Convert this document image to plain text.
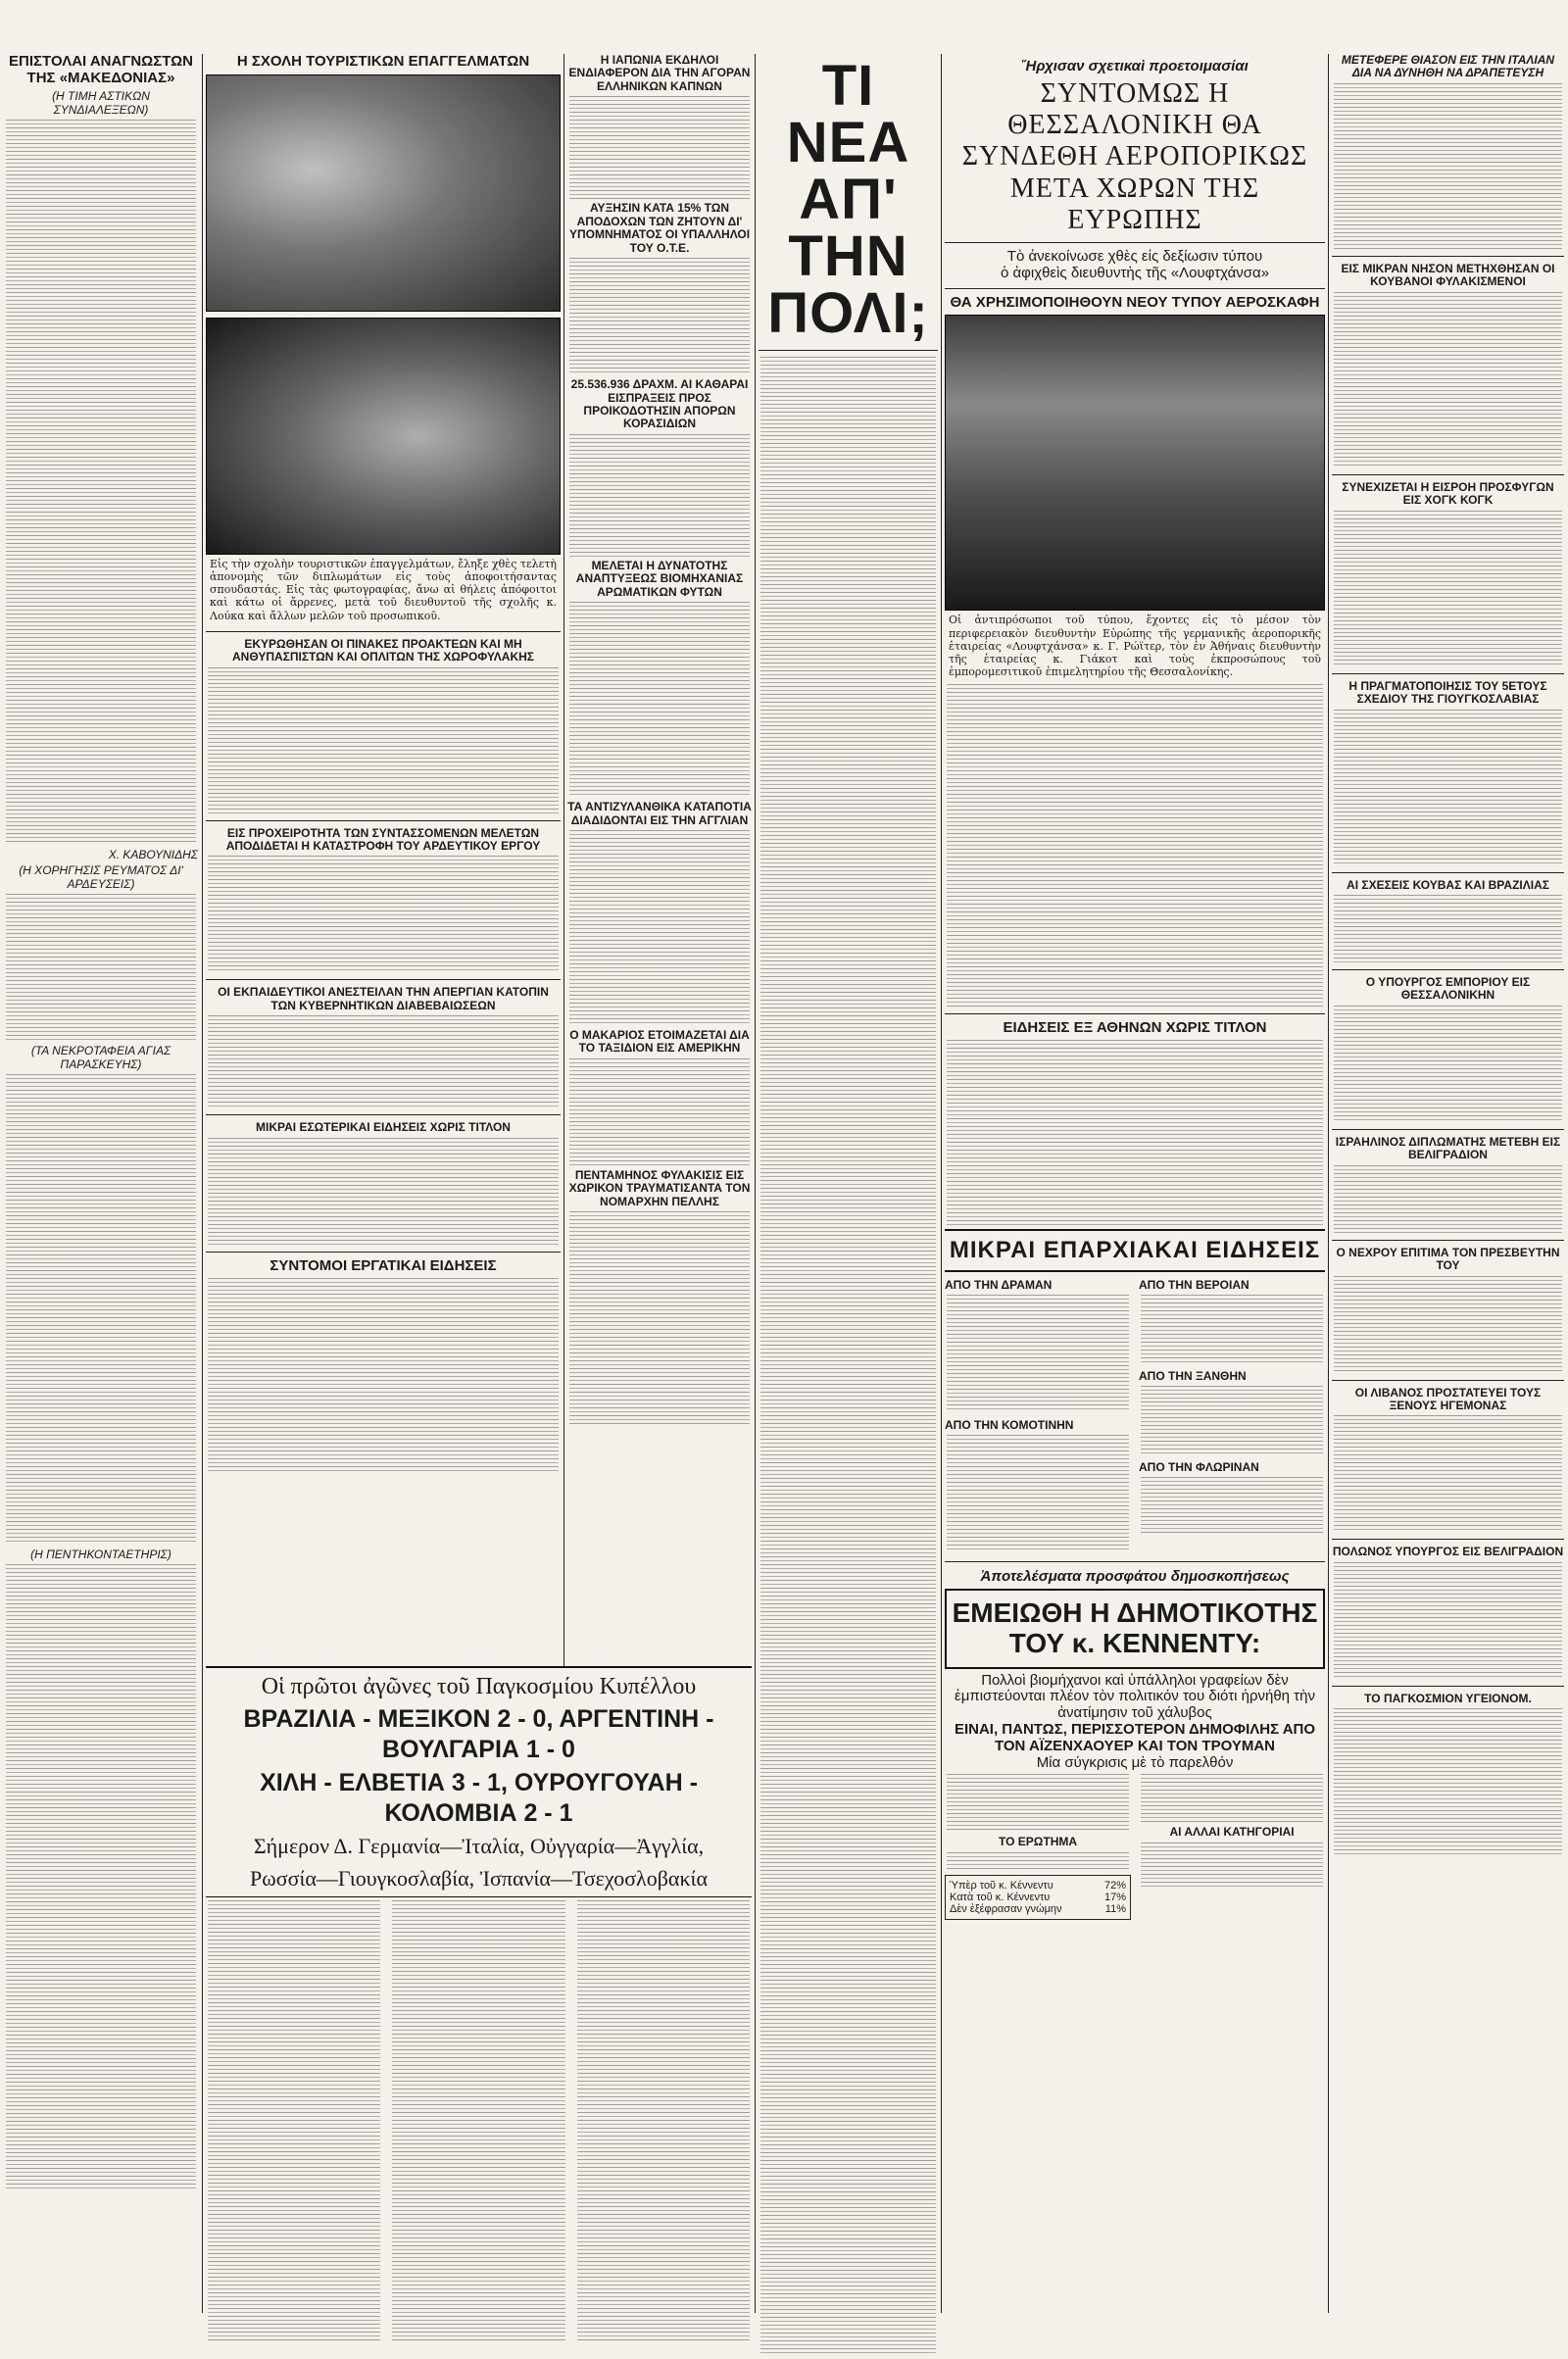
ΕΠΙΣΤΟΛΑΙ ΑΝΑΓΝΩΣΤΩΝ ΤΗΣ «ΜΑΚΕΔΟΝΙΑΣ»

(Η ΤΙΜΗ ΑΣΤΙΚΩΝ ΣΥΝΔΙΑΛΕΞΕΩΝ)

Χ. ΚΑΒΟΥΝΙΔΗΣ

(Η ΧΟΡΗΓΗΣΙΣ ΡΕΥΜΑΤΟΣ ΔΙ' ΑΡΔΕΥΣΕΙΣ)

(ΤΑ ΝΕΚΡΟΤΑΦΕΙΑ ΑΓΙΑΣ ΠΑΡΑΣΚΕΥΗΣ)

(Η ΠΕΝΤΗΚΟΝΤΑΕΤΗΡΙΣ)

Η ΣΧΟΛΗ ΤΟΥΡΙΣΤΙΚΩΝ ΕΠΑΓΓΕΛΜΑΤΩΝ

Εἰς τὴν σχολὴν τουριστικῶν ἐπαγγελμάτων, ἔληξε χθὲς τελετὴ ἀπονομὴς τῶν διπλωμάτων εἰς τοὺς ἀποφοιτήσαντας σπουδαστάς. Εἰς τὰς φωτογραφίας, ἄνω αἱ θήλεις ἀπόφοιτοι καὶ κάτω οἱ ἄρρενες, μετὰ τοῦ διευθυντοῦ τῆς σχολῆς κ. Λούκα καὶ ἄλλων μελῶν τοῦ προσωπικοῦ.

ΕΚΥΡΩΘΗΣΑΝ ΟΙ ΠΙΝΑΚΕΣ ΠΡΟΑΚΤΕΩΝ ΚΑΙ ΜΗ ΑΝΘΥΠΑΣΠΙΣΤΩΝ ΚΑΙ ΟΠΛΙΤΩΝ ΤΗΣ ΧΩΡΟΦΥΛΑΚΗΣ

ΕΙΣ ΠΡΟΧΕΙΡΟΤΗΤΑ ΤΩΝ ΣΥΝΤΑΣΣΟΜΕΝΩΝ ΜΕΛΕΤΩΝ ΑΠΟΔΙΔΕΤΑΙ Η ΚΑΤΑΣΤΡΟΦΗ ΤΟΥ ΑΡΔΕΥΤΙΚΟΥ ΕΡΓΟΥ

ΟΙ ΕΚΠΑΙΔΕΥΤΙΚΟΙ ΑΝΕΣΤΕΙΛΑΝ ΤΗΝ ΑΠΕΡΓΙΑΝ ΚΑΤΟΠΙΝ ΤΩΝ ΚΥΒΕΡΝΗΤΙΚΩΝ ΔΙΑΒΕΒΑΙΩΣΕΩΝ

ΜΙΚΡΑΙ ΕΣΩΤΕΡΙΚΑΙ ΕΙΔΗΣΕΙΣ ΧΩΡΙΣ ΤΙΤΛΟΝ

ΣΥΝΤΟΜΟΙ ΕΡΓΑΤΙΚΑΙ ΕΙΔΗΣΕΙΣ

Η ΙΑΠΩΝΙΑ ΕΚΔΗΛΟΙ ΕΝΔΙΑΦΕΡΟΝ ΔΙΑ ΤΗΝ ΑΓΟΡΑΝ ΕΛΛΗΝΙΚΩΝ ΚΑΠΝΩΝ

ΑΥΞΗΣΙΝ ΚΑΤΑ 15% ΤΩΝ ΑΠΟΔΟΧΩΝ ΤΩΝ ΖΗΤΟΥΝ ΔΙ' ΥΠΟΜΝΗΜΑΤΟΣ ΟΙ ΥΠΑΛΛΗΛΟΙ ΤΟΥ Ο.Τ.Ε.

25.536.936 ΔΡΑΧΜ. ΑΙ ΚΑΘΑΡΑΙ ΕΙΣΠΡΑΞΕΙΣ ΠΡΟΣ ΠΡΟΙΚΟΔΟΤΗΣΙΝ ΑΠΟΡΩΝ ΚΟΡΑΣΙΔΙΩΝ

ΜΕΛΕΤΑΙ Η ΔΥΝΑΤΟΤΗΣ ΑΝΑΠΤΥΞΕΩΣ ΒΙΟΜΗΧΑΝΙΑΣ ΑΡΩΜΑΤΙΚΩΝ ΦΥΤΩΝ

ΤΑ ΑΝΤΙΖΥΛΑΝΘΙΚΑ ΚΑΤΑΠΟΤΙΑ ΔΙΑΔΙΔΟΝΤΑΙ ΕΙΣ ΤΗΝ ΑΓΓΛΙΑΝ

Ο ΜΑΚΑΡΙΟΣ ΕΤΟΙΜΑΖΕΤΑΙ ΔΙΑ ΤΟ ΤΑΞΙΔΙΟΝ ΕΙΣ ΑΜΕΡΙΚΗΝ

ΠΕΝΤΑΜΗΝΟΣ ΦΥΛΑΚΙΣΙΣ ΕΙΣ ΧΩΡΙΚΟΝ ΤΡΑΥΜΑΤΙΣΑΝΤΑ ΤΟΝ ΝΟΜΑΡΧΗΝ ΠΕΛΛΗΣ

ΤΙ ΝΕΑ ΑΠ' ΤΗΝ ΠΟΛΙ;
Ἤρχισαν σχετικαὶ προετοιμασίαι
ΣΥΝΤΟΜΩΣ Η ΘΕΣΣΑΛΟΝΙΚΗ ΘΑ ΣΥΝΔΕΘΗ ΑΕΡΟΠΟΡΙΚΩΣ ΜΕΤΑ ΧΩΡΩΝ ΤΗΣ ΕΥΡΩΠΗΣ

Τὸ ἀνεκοίνωσε χθὲς εἰς δεξίωσιν τύπου

ὁ ἀφιχθεὶς διευθυντὴς τῆς «Λουφτχάνσα»

ΘΑ ΧΡΗΣΙΜΟΠΟΙΗΘΟΥΝ ΝΕΟΥ ΤΥΠΟΥ ΑΕΡΟΣΚΑΦΗ

Οἱ ἀντιπρόσωποι τοῦ τύπου, ἔχοντες εἰς τὸ μέσον τὸν περιφερειακὸν διευθυντὴν Εὐρώπης τῆς γερμανικῆς ἀεροπορικῆς ἑταιρείας «Λουφτχάνσα» κ. Γ. Ρώϊτερ, τὸν ἐν Ἀθήναις διευθυντὴν τῆς ἑταιρείας κ. Γιάκοτ καὶ τοὺς ἐκπροσώπους τοῦ ἐμπορομεσιτικοῦ ἐπιμελητηρίου τῆς Θεσσαλονίκης.

ΕΙΔΗΣΕΙΣ ΕΞ ΑΘΗΝΩΝ ΧΩΡΙΣ ΤΙΤΛΟΝ

ΜΙΚΡΑΙ ΕΠΑΡΧΙΑΚΑΙ ΕΙΔΗΣΕΙΣ
ΑΠΟ ΤΗΝ ΔΡΑΜΑΝ
ΑΠΟ ΤΗΝ ΚΟΜΟΤΙΝΗΝ
ΑΠΟ ΤΗΝ ΒΕΡΟΙΑΝ
ΑΠΟ ΤΗΝ ΞΑΝΘΗΝ
ΑΠΟ ΤΗΝ ΦΛΩΡΙΝΑΝ
Ἀποτελέσματα προσφάτου δημοσκοπήσεως
ΕΜΕΙΩΘΗ Η ΔΗΜΟΤΙΚΟΤΗΣ ΤΟΥ κ. ΚΕΝΝΕΝΤΥ:

Πολλοὶ βιομήχανοι καὶ ὑπάλληλοι γραφείων δὲν ἐμπιστεύονται πλέον τὸν πολιτικόν του διότι ἠρνήθη τὴν ἀνατίμησιν τοῦ χάλυβος

ΕΙΝΑΙ, ΠΑΝΤΩΣ, ΠΕΡΙΣΣΟΤΕΡΟΝ ΔΗΜΟΦΙΛΗΣ ΑΠΟ ΤΟΝ ΑΪΖΕΝΧΑΟΥΕΡ ΚΑΙ ΤΟΝ ΤΡΟΥΜΑΝ

Μία σύγκρισις μὲ τὸ παρελθόν

ΤΟ ΕΡΩΤΗΜΑ

Ὑπὲρ τοῦ κ. Κέννεντυ	72%
Κατὰ τοῦ κ. Κέννεντυ	17%
Δὲν ἐξέφρασαν γνώμην	11%

ΑΙ ΑΛΛΑΙ ΚΑΤΗΓΟΡΙΑΙ

ΜΕΤΕΦΕΡΕ ΘΙΑΣΟΝ ΕΙΣ ΤΗΝ ΙΤΑΛΙΑΝ ΔΙΑ ΝΑ ΔΥΝΗΘΗ ΝΑ ΔΡΑΠΕΤΕΥΣΗ

ΕΙΣ ΜΙΚΡΑΝ ΝΗΣΟΝ ΜΕΤΗΧΘΗΣΑΝ ΟΙ ΚΟΥΒΑΝΟΙ ΦΥΛΑΚΙΣΜΕΝΟΙ

ΣΥΝΕΧΙΖΕΤΑΙ Η ΕΙΣΡΟΗ ΠΡΟΣΦΥΓΩΝ ΕΙΣ ΧΟΓΚ ΚΟΓΚ

Η ΠΡΑΓΜΑΤΟΠΟΙΗΣΙΣ ΤΟΥ 5ΕΤΟΥΣ ΣΧΕΔΙΟΥ ΤΗΣ ΓΙΟΥΓΚΟΣΛΑΒΙΑΣ

ΑΙ ΣΧΕΣΕΙΣ ΚΟΥΒΑΣ ΚΑΙ ΒΡΑΖΙΛΙΑΣ

Ο ΥΠΟΥΡΓΟΣ ΕΜΠΟΡΙΟΥ ΕΙΣ ΘΕΣΣΑΛΟΝΙΚΗΝ

ΙΣΡΑΗΛΙΝΟΣ ΔΙΠΛΩΜΑΤΗΣ ΜΕΤΕΒΗ ΕΙΣ ΒΕΛΙΓΡΑΔΙΟΝ

Ο ΝΕΧΡΟΥ ΕΠΙΤΙΜΑ ΤΟΝ ΠΡΕΣΒΕΥΤΗΝ ΤΟΥ

ΟΙ ΛΙΒΑΝΟΣ ΠΡΟΣΤΑΤΕΥΕΙ ΤΟΥΣ ΞΕΝΟΥΣ ΗΓΕΜΟΝΑΣ

ΠΟΛΩΝΟΣ ΥΠΟΥΡΓΟΣ ΕΙΣ ΒΕΛΙΓΡΑΔΙΟΝ

ΤΟ ΠΑΓΚΟΣΜΙΟΝ ΥΓΕΙΟΝΟΜ.

Οἱ πρῶτοι ἀγῶνες τοῦ Παγκοσμίου Κυπέλλου
ΒΡΑΖΙΛΙΑ - ΜΕΞΙΚΟΝ 2 - 0, ΑΡΓΕΝΤΙΝΗ - ΒΟΥΛΓΑΡΙΑ 1 - 0
ΧΙΛΗ - ΕΛΒΕΤΙΑ 3 - 1, ΟΥΡΟΥΓΟΥΑΗ - ΚΟΛΟΜΒΙΑ 2 - 1
Σήμερον Δ. Γερμανία—Ἰταλία, Οὐγγαρία—Ἀγγλία,
Ρωσσία—Γιουγκοσλαβία, Ἰσπανία—Τσεχοσλοβακία
